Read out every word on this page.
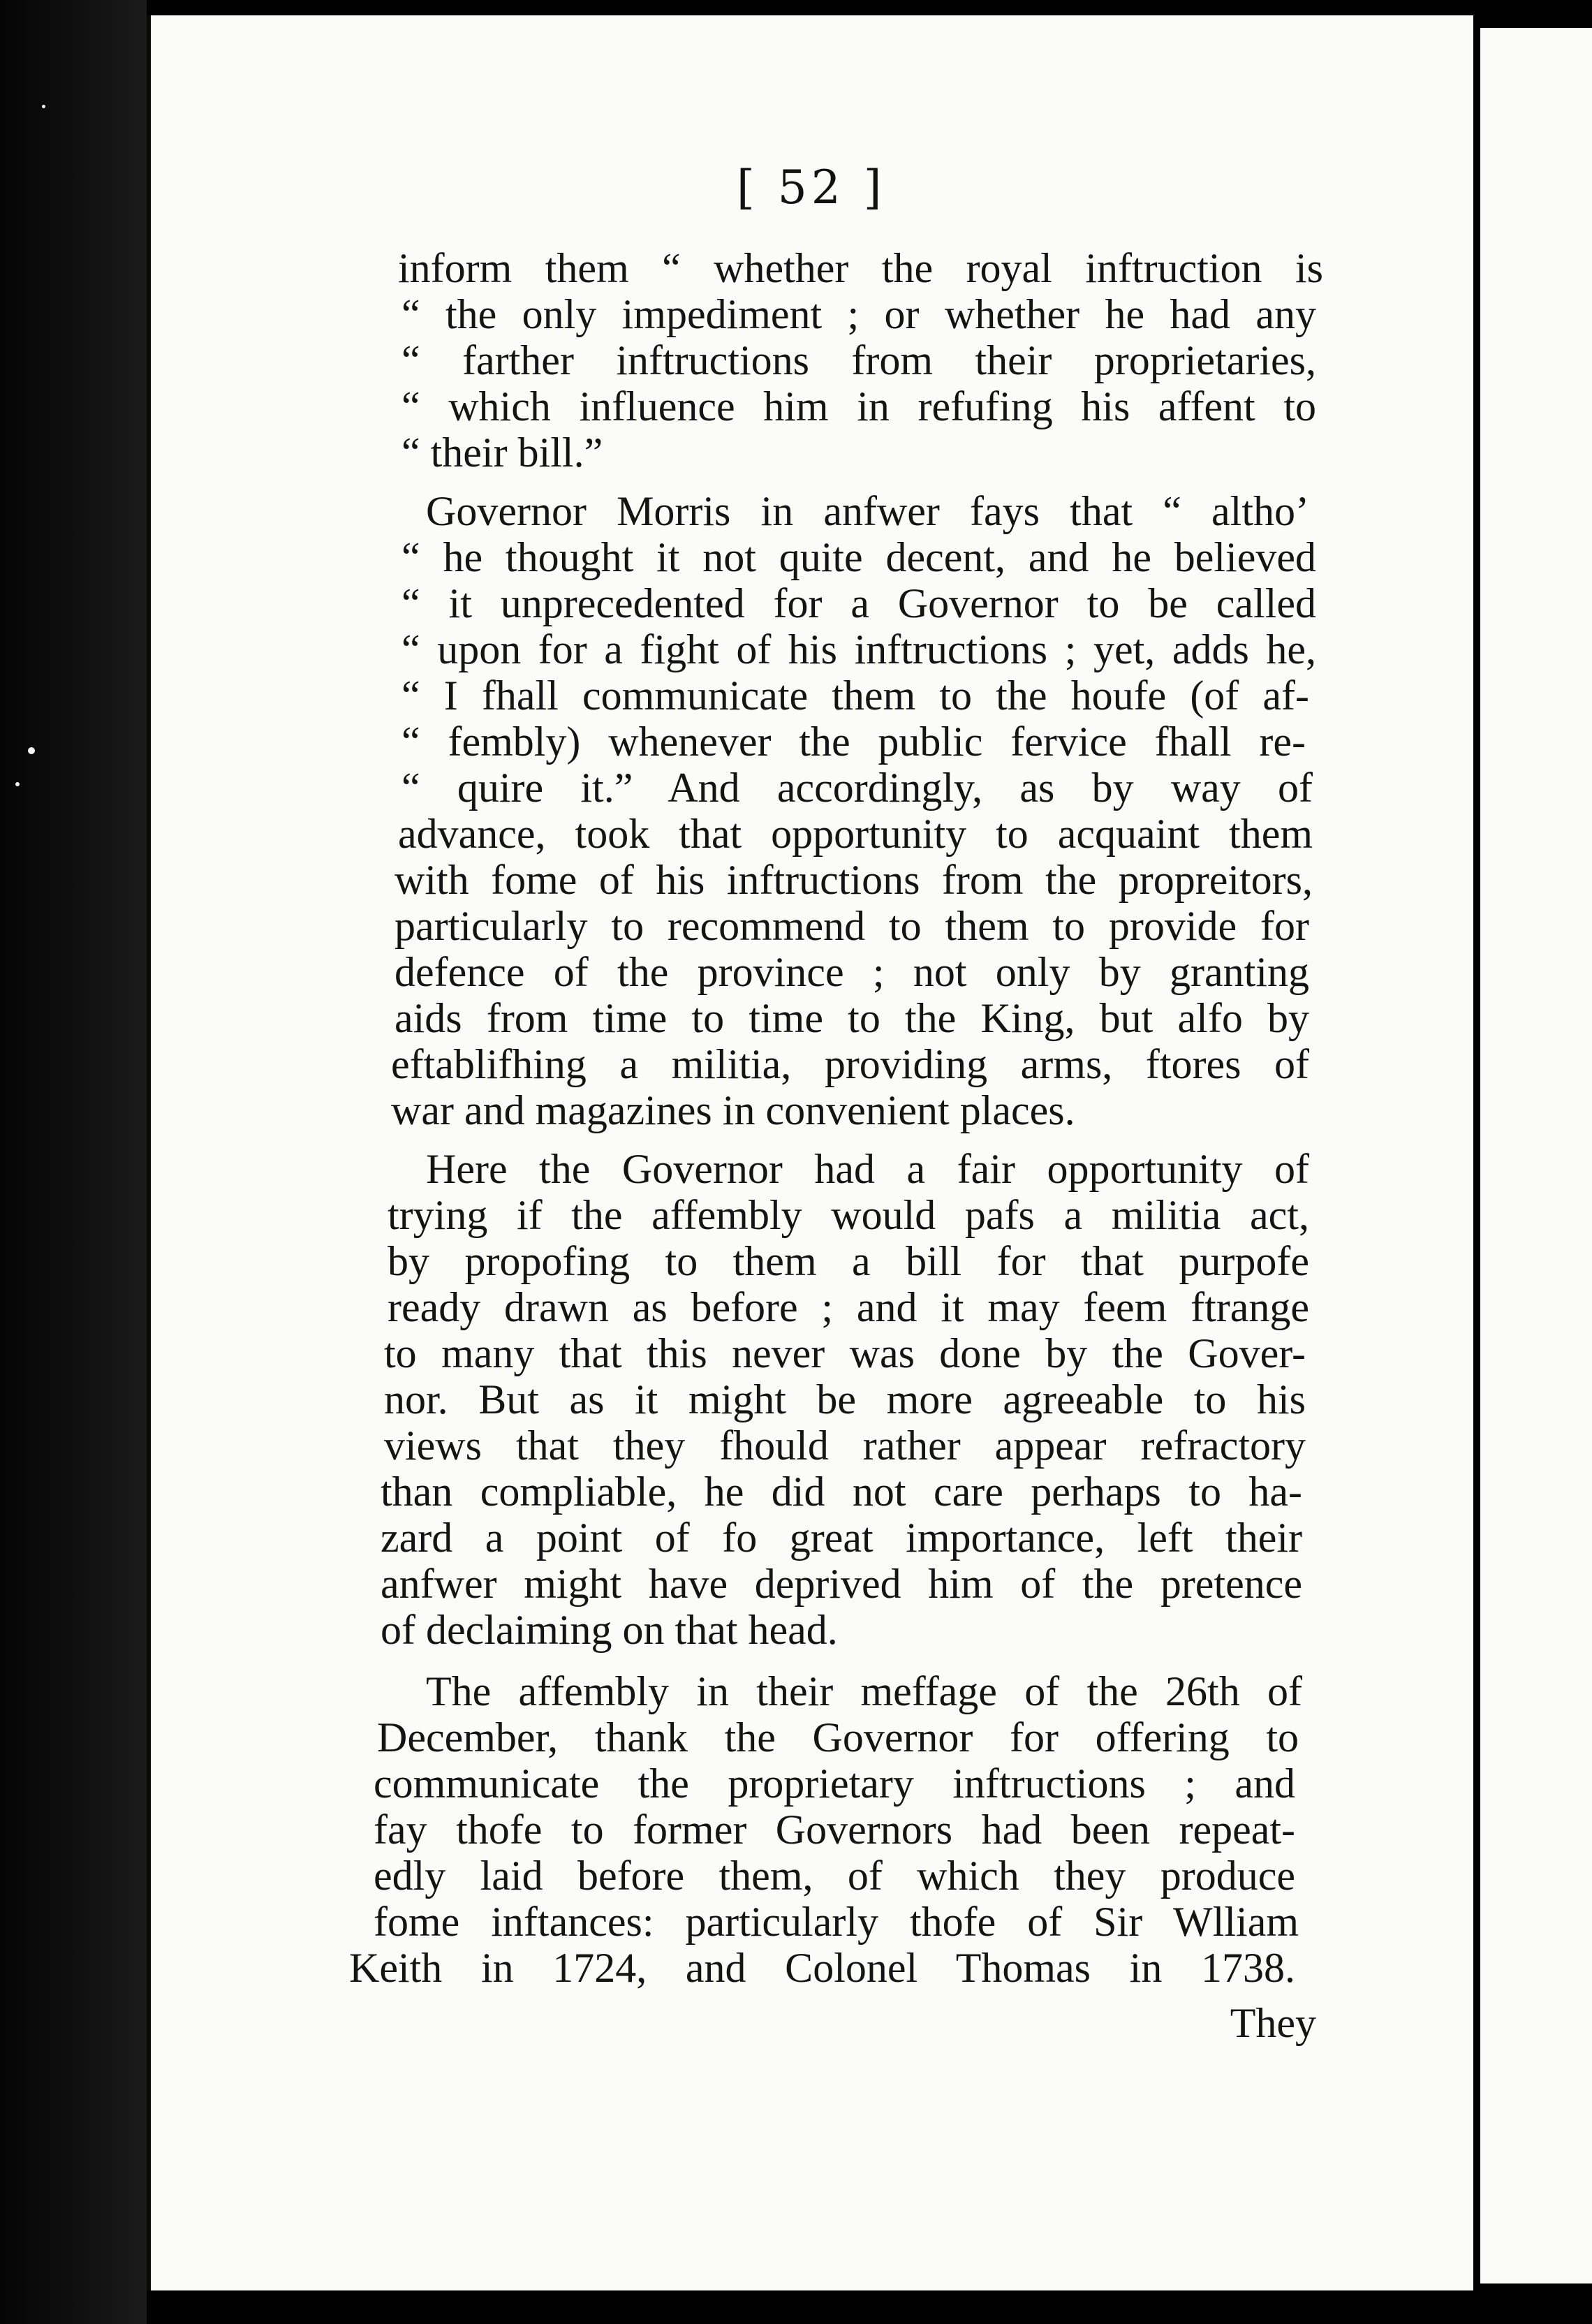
[ 52 ]
inform them “ whether the royal inftruction is
“ the only impediment ; or whether he had any
“ farther inftructions from their proprietaries,
“ which influence him in refufing his affent to
“ their bill.”
Governor Morris in anfwer fays that “ altho’
“ he thought it not quite decent, and he believed
“ it unprecedented for a Governor to be called
“ upon for a fight of his inftructions ; yet, adds he,
“ I fhall communicate them to the houfe (of af-
“ fembly) whenever the public fervice fhall re-
“ quire it.” And accordingly, as by way of
advance, took that opportunity to acquaint them
with fome of his inftructions from the propreitors,
particularly to recommend to them to provide for
defence of the province ; not only by granting
aids from time to time to the King, but alfo by
eftablifhing a militia, providing arms, ftores of
war and magazines in convenient places.
Here the Governor had a fair opportunity of
trying if the affembly would pafs a militia act,
by propofing to them a bill for that purpofe
ready drawn as before ; and it may feem ftrange
to many that this never was done by the Gover-
nor. But as it might be more agreeable to his
views that they fhould rather appear refractory
than compliable, he did not care perhaps to ha-
zard a point of fo great importance, left their
anfwer might have deprived him of the pretence
of declaiming on that head.
The affembly in their meffage of the 26th of
December, thank the Governor for offering to
communicate the proprietary inftructions ; and
fay thofe to former Governors had been repeat-
edly laid before them, of which they produce
fome inftances: particularly thofe of Sir Wlliam
Keith in 1724, and Colonel Thomas in 1738.
They
